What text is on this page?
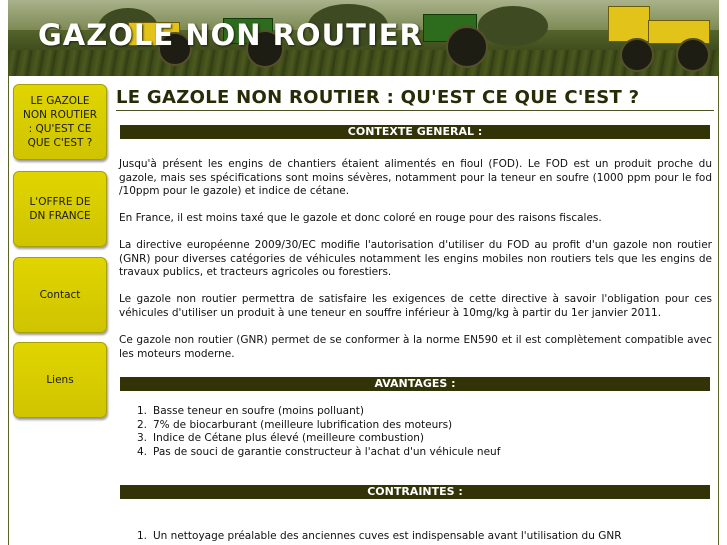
GAZOLE NON ROUTIER
LE GAZOLE NON ROUTIER : QU'EST CE QUE C'EST ?
L'OFFRE DE DN FRANCE
Contact
Liens
LE GAZOLE NON ROUTIER : QU'EST CE QUE C'EST ?
CONTEXTE GENERAL :

Jusqu'à présent les engins de chantiers étaient alimentés en fioul (FOD). Le FOD est un produit proche du gazole, mais ses spécifications sont moins sévères, notamment pour la teneur en soufre (1000 ppm pour le fod /10ppm pour le gazole) et indice de cétane.

En France, il est moins taxé que le gazole et donc coloré en rouge pour des raisons fiscales.

La directive européenne 2009/30/EC modifie l'autorisation d'utiliser du FOD au profit d'un gazole non routier (GNR) pour diverses catégories de véhicules notamment les engins mobiles non routiers tels que les engins de travaux publics, et tracteurs agricoles ou forestiers.

Le gazole non routier permettra de satisfaire les exigences de cette directive à savoir l'obligation pour ces véhicules d'utiliser un produit à une teneur en souffre inférieur à 10mg/kg à partir du 1er janvier 2011.

Ce gazole non routier (GNR) permet de se conformer à la norme EN590 et il est complètement compatible avec les moteurs moderne.

AVANTAGES :
1. Basse teneur en soufre (moins polluant)
2. 7% de biocarburant (meilleure lubrification des moteurs)
3. Indice de Cétane plus élevé (meilleure combustion)
4. Pas de souci de garantie constructeur à l'achat d'un véhicule neuf
CONTRAINTES :
1. Un nettoyage préalable des anciennes cuves est indispensable avant l'utilisation du GNR
